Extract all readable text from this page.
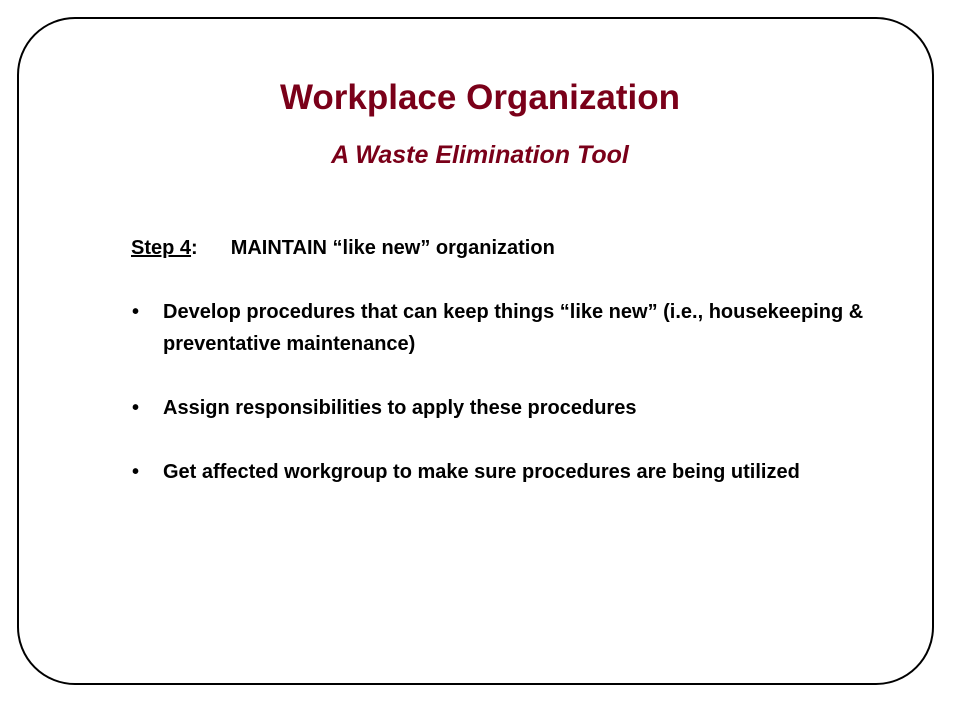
Workplace Organization
A Waste Elimination Tool
Step 4: MAINTAIN “like new” organization
• Develop procedures that can keep things “like new” (i.e., housekeeping & preventative maintenance)
• Assign responsibilities to apply these procedures
• Get affected workgroup to make sure procedures are being utilized
